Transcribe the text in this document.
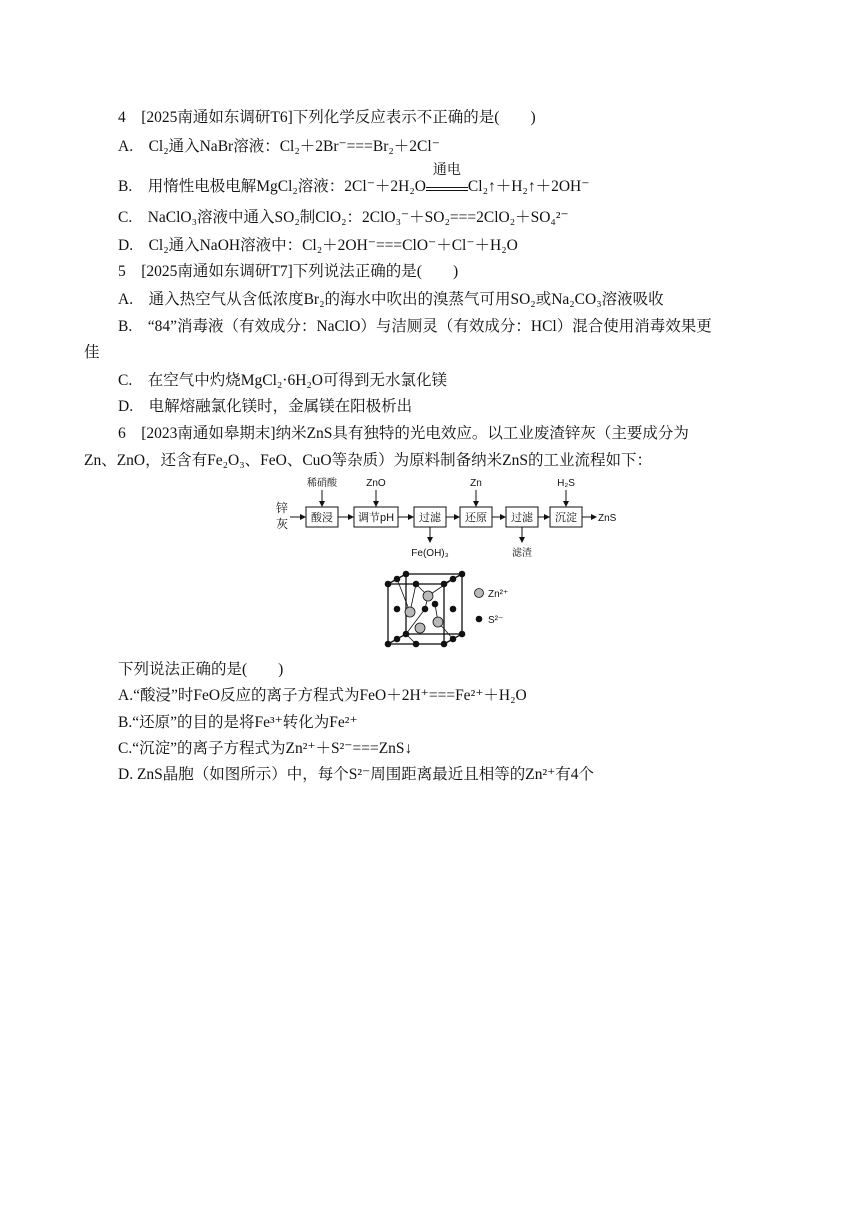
4　[2025南通如东调研T6]下列化学反应表示不正确的是(　　)
A.　Cl₂通入NaBr溶液：Cl₂＋2Br⁻===Br₂＋2Cl⁻
B.　用惰性电极电解MgCl₂溶液：2Cl⁻＋2H₂O
通电
Cl₂↑＋H₂↑＋2OH⁻
C.　NaClO₃溶液中通入SO₂制ClO₂：2ClO₃⁻＋SO₂===2ClO₂＋SO₄²⁻
D.　Cl₂通入NaOH溶液中：Cl₂＋2OH⁻===ClO⁻＋Cl⁻＋H₂O
5　[2025南通如东调研T7]下列说法正确的是(　　)
A.　通入热空气从含低浓度Br₂的海水中吹出的溴蒸气可用SO₂或Na₂CO₃溶液吸收
B.　“84”消毒液（有效成分：NaClO）与洁厕灵（有效成分：HCl）混合使用消毒效果更
佳
C.　在空气中灼烧MgCl₂·6H₂O可得到无水氯化镁
D.　电解熔融氯化镁时，金属镁在阳极析出
6　[2023南通如皋期末]纳米ZnS具有独特的光电效应。以工业废渣锌灰（主要成分为
Zn、ZnO，还含有Fe₂O₃、FeO、CuO等杂质）为原料制备纳米ZnS的工业流程如下：
锌
灰 酸浸 调节pH 过滤 还原 过滤 沉淀
稀硝酸	ZnO	Zn	H₂S
Fe(OH)₃	滤渣
ZnS
Zn²⁺
S²⁻
下列说法正确的是(　　)
A.“酸浸”时FeO反应的离子方程式为FeO＋2H⁺===Fe²⁺＋H₂O
B.“还原”的目的是将Fe³⁺转化为Fe²⁺
C.“沉淀”的离子方程式为Zn²⁺＋S²⁻===ZnS↓
D. ZnS晶胞（如图所示）中，每个S²⁻周围距离最近且相等的Zn²⁺有4个
